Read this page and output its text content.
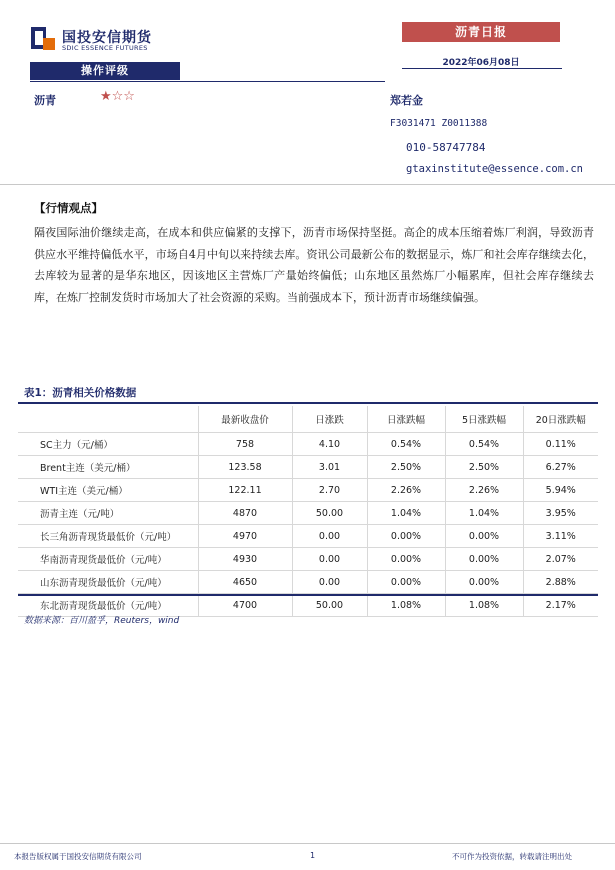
国投安信期货
SDIC ESSENCE FUTURES
沥青日报
2022年06月08日
操作评级
沥青	★☆☆	郑若金
F3031471 Z0011388
010-58747784
gtaxinstitute@essence.com.cn
【行情观点】
隔夜国际油价继续走高，在成本和供应偏紧的支撑下，沥青市场保持坚挺。高企的成本压缩着炼厂利润，导致沥青供应水平维持偏低水平，市场自4月中旬以来持续去库。资讯公司最新公布的数据显示，炼厂和社会库存继续去化，去库较为显著的是华东地区，因该地区主营炼厂产量始终偏低；山东地区虽然炼厂小幅累库，但社会库存继续去库，在炼厂控制发货时市场加大了社会资源的采购。当前强成本下，预计沥青市场继续偏强。
表1：沥青相关价格数据
	最新收盘价	日涨跌	日涨跌幅	5日涨跌幅	20日涨跌幅
SC主力（元/桶）	758	4.10	0.54%	0.54%	0.11%
Brent主连（美元/桶）	123.58	3.01	2.50%	2.50%	6.27%
WTI主连（美元/桶）	122.11	2.70	2.26%	2.26%	5.94%
沥青主连（元/吨）	4870	50.00	1.04%	1.04%	3.95%
长三角沥青现货最低价（元/吨）	4970	0.00	0.00%	0.00%	3.11%
华南沥青现货最低价（元/吨）	4930	0.00	0.00%	0.00%	2.07%
山东沥青现货最低价（元/吨）	4650	0.00	0.00%	0.00%	2.88%
东北沥青现货最低价（元/吨）	4700	50.00	1.08%	1.08%	2.17%
数据来源：百川盈孚，Reuters，wind
本报告版权属于国投安信期货有限公司	1	不可作为投资依据，转载请注明出处
